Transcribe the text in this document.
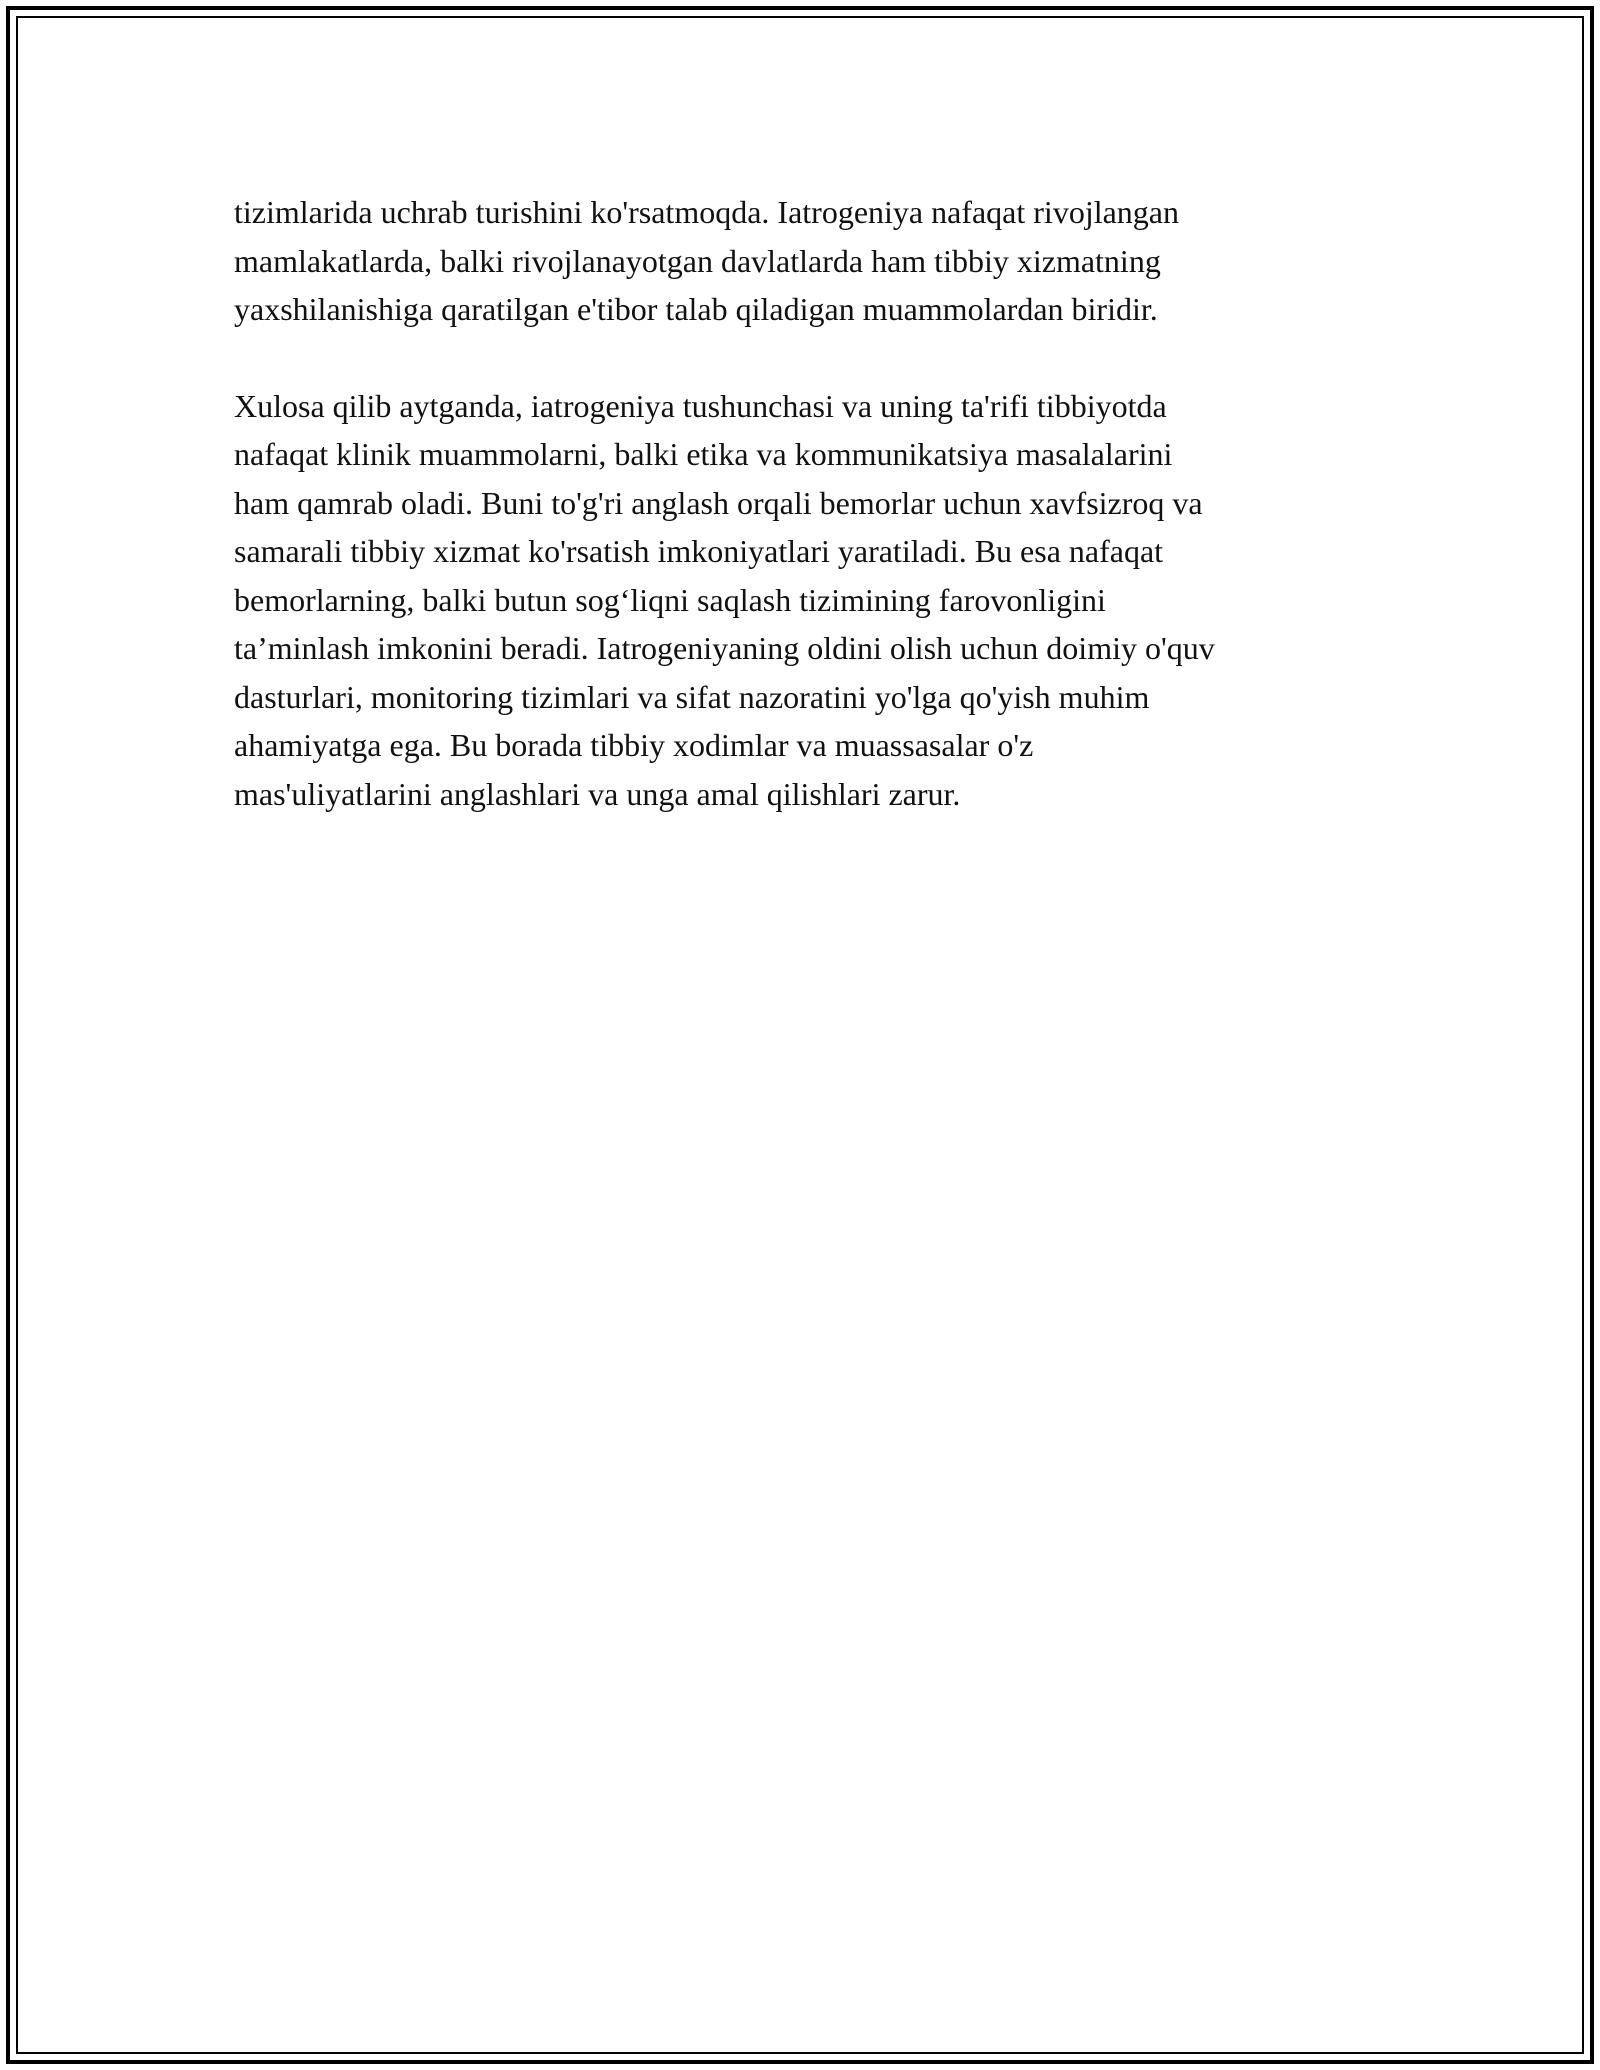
tizimlarida uchrab turishini ko'rsatmoqda. Iatrogeniya nafaqat rivojlangan
mamlakatlarda, balki rivojlanayotgan davlatlarda ham tibbiy xizmatning
yaxshilanishiga qaratilgan e'tibor talab qiladigan muammolardan biridir.

Xulosa qilib aytganda, iatrogeniya tushunchasi va uning ta'rifi tibbiyotda
nafaqat klinik muammolarni, balki etika va kommunikatsiya masalalarini
ham qamrab oladi. Buni to'g'ri anglash orqali bemorlar uchun xavfsizroq va
samarali tibbiy xizmat ko'rsatish imkoniyatlari yaratiladi. Bu esa nafaqat
bemorlarning, balki butun sog‘liqni saqlash tizimining farovonligini
ta’minlash imkonini beradi. Iatrogeniyaning oldini olish uchun doimiy o'quv
dasturlari, monitoring tizimlari va sifat nazoratini yo'lga qo'yish muhim
ahamiyatga ega. Bu borada tibbiy xodimlar va muassasalar o'z
mas'uliyatlarini anglashlari va unga amal qilishlari zarur.
